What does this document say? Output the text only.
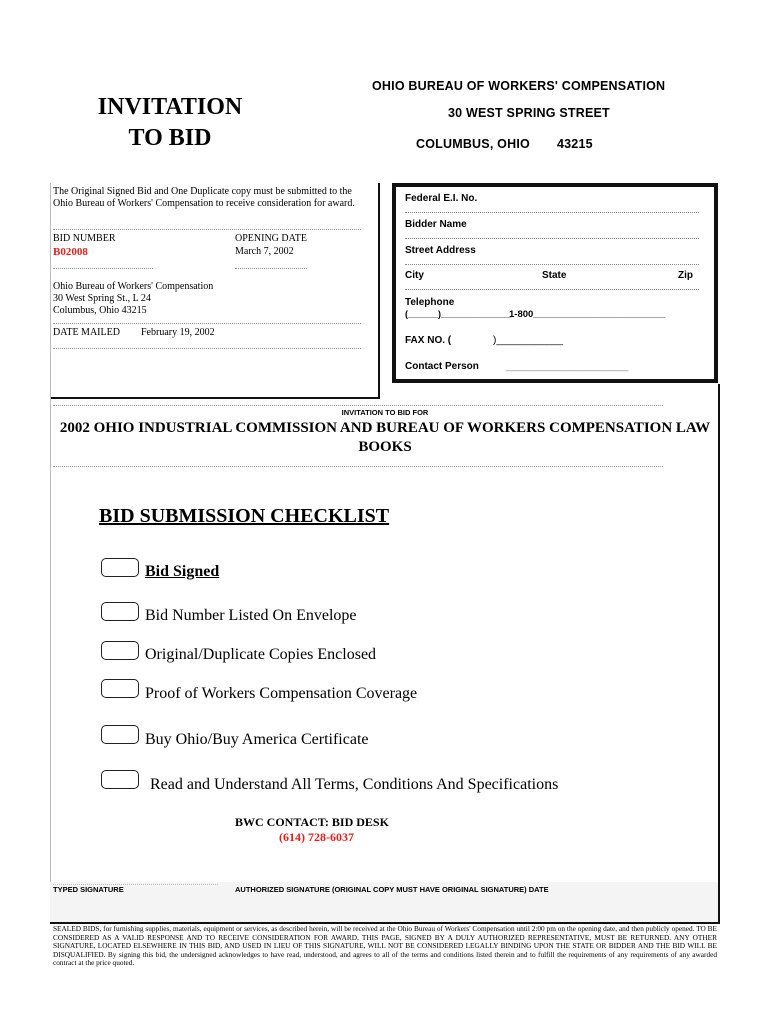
INVITATION
TO BID
OHIO BUREAU OF WORKERS' COMPENSATION
30 WEST SPRING STREET
COLUMBUS, OHIO 43215
The Original Signed Bid and One Duplicate copy must be submitted to the Ohio Bureau of Workers' Compensation to receive consideration for award.
BID NUMBER
B02008
OPENING DATE
March 7, 2002
Ohio Bureau of Workers' Compensation
30 West Spring St., L 24
Columbus, Ohio 43215
DATE MAILED February 19, 2002
Federal E.I. No.
Bidder Name
Street Address
City	State	Zip
Telephone
(______)______________
1-800_________________________
FAX NO. (	)____________
Contact Person	______________________
INVITATION TO BID FOR
2002 OHIO INDUSTRIAL COMMISSION AND BUREAU OF WORKERS COMPENSATION LAW BOOKS
BID SUBMISSION CHECKLIST
Bid Signed
Bid Number Listed On Envelope
Original/Duplicate Copies Enclosed
Proof of Workers Compensation Coverage
Buy Ohio/Buy America Certificate
Read and Understand All Terms, Conditions And Specifications
BWC CONTACT: BID DESK
(614) 728-6037
TYPED SIGNATURE	AUTHORIZED SIGNATURE (ORIGINAL COPY MUST HAVE ORIGINAL SIGNATURE) DATE
SEALED BIDS, for furnishing supplies, materials, equipment or services, as described herein, will be received at the Ohio Bureau of Workers' Compensation until 2:00 pm on the opening date, and then publicly opened. TO BE CONSIDERED AS A VALID RESPONSE AND TO RECEIVE CONSIDERATION FOR AWARD, THIS PAGE, SIGNED BY A DULY AUTHORIZED REPRESENTATIVE, MUST BE RETURNED. ANY OTHER SIGNATURE, LOCATED ELSEWHERE IN THIS BID, AND USED IN LIEU OF THIS SIGNATURE, WILL NOT BE CONSIDERED LEGALLY BINDING UPON THE STATE OR BIDDER AND THE BID WILL BE DISQUALIFIED. By signing this bid, the undersigned acknowledges to have read, understood, and agrees to all of the terms and conditions listed therein and to fulfill the requirements of any requirements of any awarded contract at the price quoted.
